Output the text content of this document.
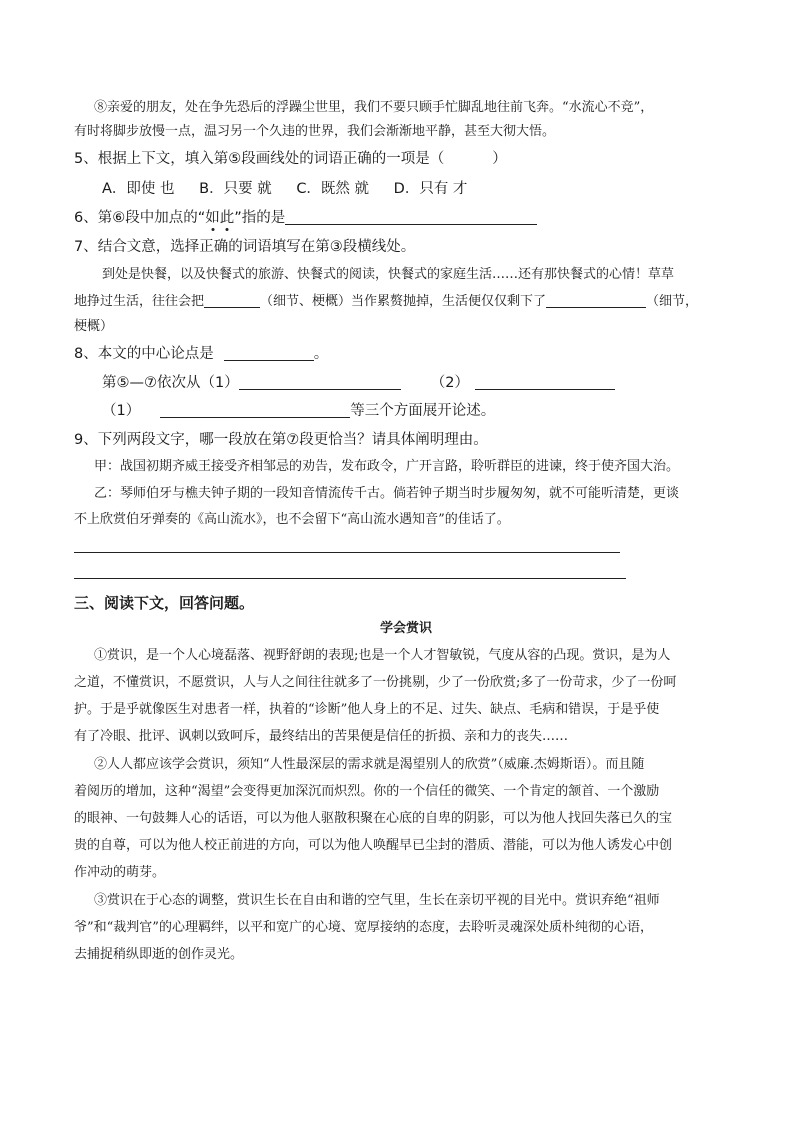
⑧亲爱的朋友，处在争先恐后的浮躁尘世里，我们不要只顾手忙脚乱地往前飞奔。“水流心不竞”，
有时将脚步放慢一点，温习另一个久违的世界，我们会渐渐地平静，甚至大彻大悟。
5、根据上下文，填入第⑤段画线处的词语正确的一项是（	）
A．即使 也 B．只要 就 C．既然 就 D．只有 才
6、第⑥段中加点的“如此”指的是
7、结合文意，选择正确的词语填写在第③段横线处。
到处是快餐，以及快餐式的旅游、快餐式的阅读，快餐式的家庭生活……还有那快餐式的心情！草草
地挣过生活，往往会把	（细节、梗概）当作累赘抛掉，生活便仅仅剩下了	（细节，
梗概）
8、本文的中心论点是	。
第⑤—⑦依次从（1）	（2）
（1）	等三个方面展开论述。
9、下列两段文字，哪一段放在第⑦段更恰当？请具体阐明理由。
甲：战国初期齐威王接受齐相邹忌的劝告，发布政令，广开言路，聆听群臣的进谏，终于使齐国大治。
乙：琴师伯牙与樵夫钟子期的一段知音情流传千古。倘若钟子期当时步履匆匆，就不可能听清楚，更谈
不上欣赏伯牙弹奏的《高山流水》，也不会留下“高山流水遇知音”的佳话了。
三、阅读下文，回答问题。
学会赏识
①赏识，是一个人心境磊落、视野舒朗的表现;也是一个人才智敏锐，气度从容的凸现。赏识，是为人
之道，不懂赏识，不愿赏识，人与人之间往往就多了一份挑剔，少了一份欣赏;多了一份苛求，少了一份呵
护。于是乎就像医生对患者一样，执着的“诊断”他人身上的不足、过失、缺点、毛病和错误，于是乎使
有了冷眼、批评、讽刺以致呵斥，最终结出的苦果便是信任的折损、亲和力的丧失……
②人人都应该学会赏识，须知“人性最深层的需求就是渴望别人的欣赏”（威廉.杰姆斯语）。而且随
着阅历的增加，这种“渴望”会变得更加深沉而炽烈。你的一个信任的微笑、一个肯定的颔首、一个激励
的眼神、一句鼓舞人心的话语，可以为他人驱散积聚在心底的自卑的阴影，可以为他人找回失落已久的宝
贵的自尊，可以为他人校正前进的方向，可以为他人唤醒早已尘封的潜质、潜能，可以为他人诱发心中创
作冲动的萌芽。
③赏识在于心态的调整，赏识生长在自由和谐的空气里，生长在亲切平视的目光中。赏识弃绝“祖师
爷”和“裁判官”的心理羁绊，以平和宽广的心境、宽厚接纳的态度，去聆听灵魂深处质朴纯彻的心语，
去捕捉稍纵即逝的创作灵光。
